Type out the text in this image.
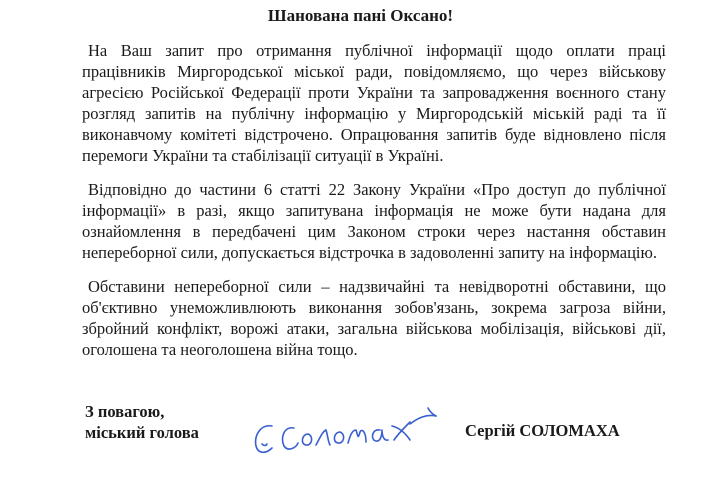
Шанована пані Оксано!

На Ваш запит про отримання публічної інформації щодо оплати праці працівників Миргородської міської ради, повідомляємо, що через військову агресією Російської Федерації проти України та запровадження воєнного стану розгляд запитів на публічну інформацію у Миргородській міській раді та її виконавчому комітеті відстрочено. Опрацювання запитів буде відновлено після перемоги України та стабілізації ситуації в Україні.

Відповідно до частини 6 статті 22 Закону України «Про доступ до публічної інформації» в разі, якщо запитувана інформація не може бути надана для ознайомлення в передбачені цим Законом строки через настання обставин непереборної сили, допускається відстрочка в задоволенні запиту на інформацію.

Обставини непереборної сили – надзвичайні та невідворотні обставини, що об'єктивно унеможливлюють виконання зобов'язань, зокрема загроза війни, збройний конфлікт, ворожі атаки, загальна військова мобілізація, військові дії, оголошена та неоголошена війна тощо.

З повагою,
міський голова	Сергій СОЛОМАХА
